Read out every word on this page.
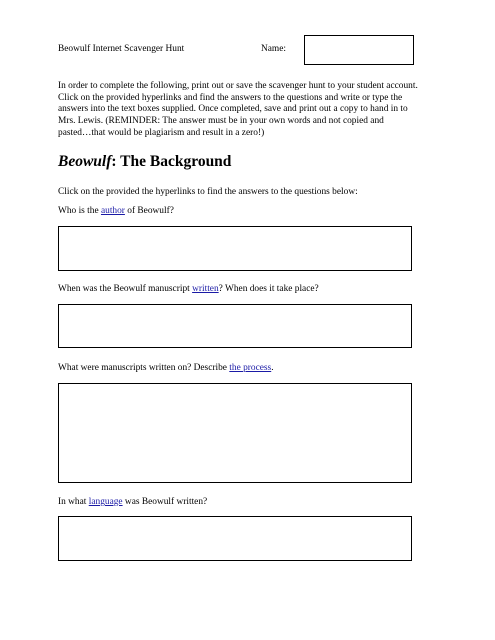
Beowulf Internet Scavenger Hunt	Name:
In order to complete the following, print out or save the scavenger hunt to your student account.
Click on the provided hyperlinks and find the answers to the questions and write or type the
answers into the text boxes supplied. Once completed, save and print out a copy to hand in to
Mrs. Lewis. (REMINDER: The answer must be in your own words and not copied and
pasted…that would be plagiarism and result in a zero!)
Beowulf: The Background
Click on the provided the hyperlinks to find the answers to the questions below:
Who is the author of Beowulf?
When was the Beowulf manuscript written? When does it take place?
What were manuscripts written on? Describe the process.
In what language was Beowulf written?
